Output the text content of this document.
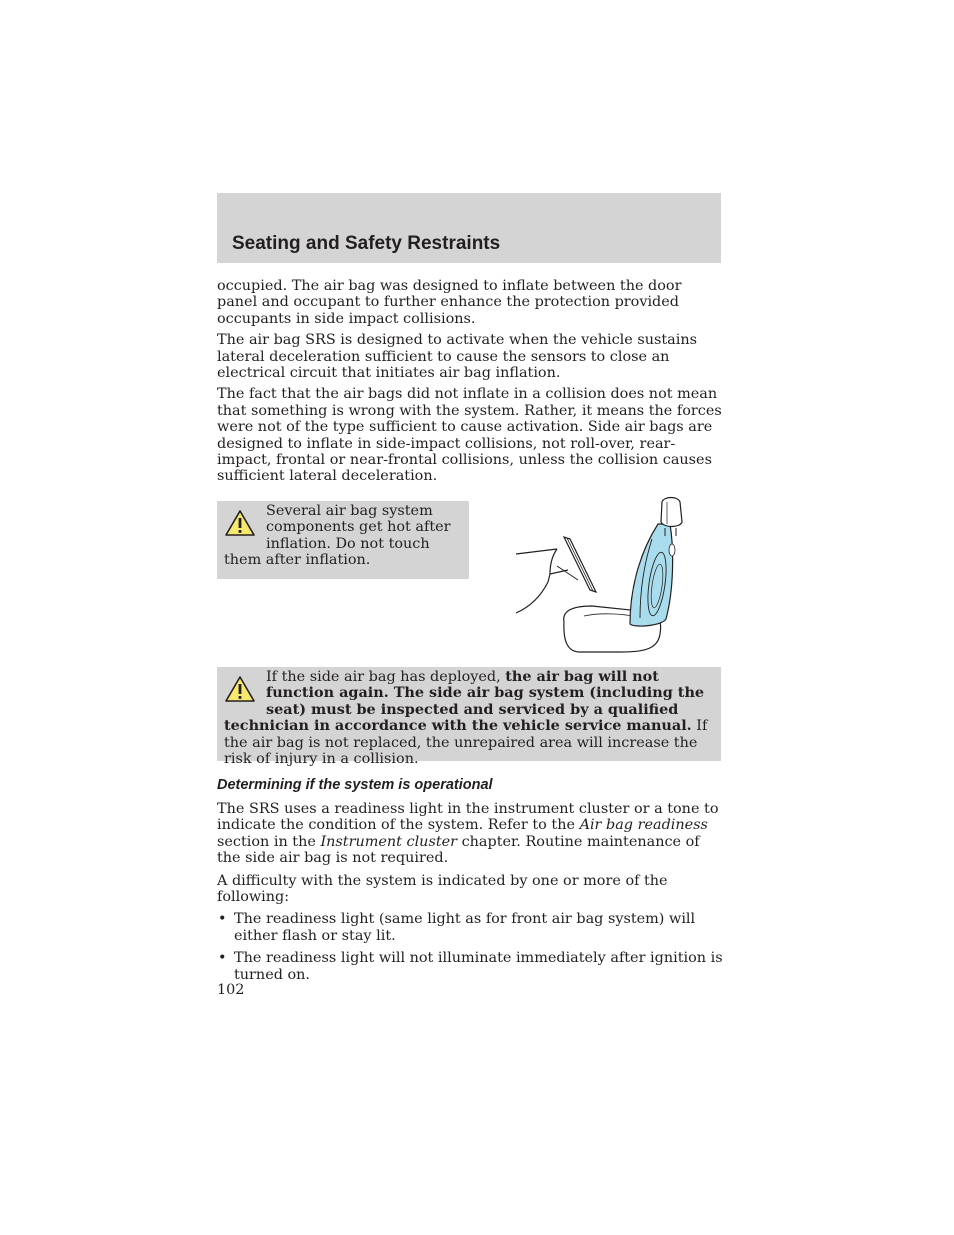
Seating and Safety Restraints

occupied. The air bag was designed to inflate between the door panel and occupant to further enhance the protection provided occupants in side impact collisions.

The air bag SRS is designed to activate when the vehicle sustains lateral deceleration sufficient to cause the sensors to close an electrical circuit that initiates air bag inflation.

The fact that the air bags did not inflate in a collision does not mean that something is wrong with the system. Rather, it means the forces were not of the type sufficient to cause activation. Side air bags are designed to inflate in side-impact collisions, not roll-over, rear-impact, frontal or near-frontal collisions, unless the collision causes sufficient lateral deceleration.

Several air bag system components get hot after inflation. Do not touch them after inflation.
If the side air bag has deployed, the air bag will not function again. The side air bag system (including the seat) must be inspected and serviced by a qualified technician in accordance with the vehicle service manual. If the air bag is not replaced, the unrepaired area will increase the risk of injury in a collision.
Determining if the system is operational

The SRS uses a readiness light in the instrument cluster or a tone to indicate the condition of the system. Refer to the Air bag readiness section in the Instrument cluster chapter. Routine maintenance of the side air bag is not required.

A difficulty with the system is indicated by one or more of the following:

• The readiness light (same light as for front air bag system) will either flash or stay lit.
• The readiness light will not illuminate immediately after ignition is turned on.
102
